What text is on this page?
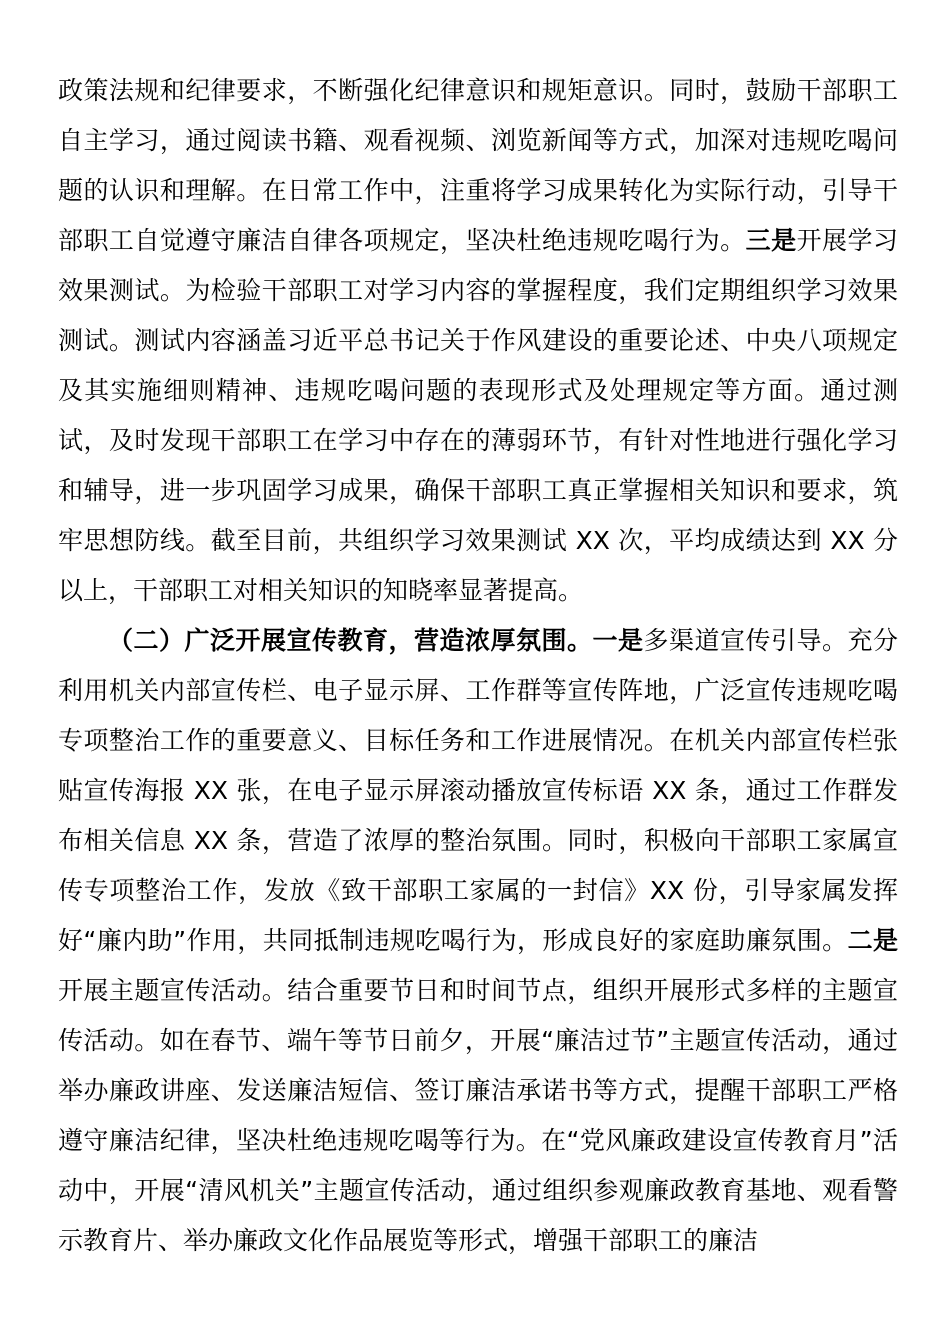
政策法规和纪律要求，不断强化纪律意识和规矩意识。同时，鼓励干部职工自主学习，通过阅读书籍、观看视频、浏览新闻等方式，加深对违规吃喝问题的认识和理解。在日常工作中，注重将学习成果转化为实际行动，引导干部职工自觉遵守廉洁自律各项规定，坚决杜绝违规吃喝行为。三是开展学习效果测试。为检验干部职工对学习内容的掌握程度，我们定期组织学习效果测试。测试内容涵盖习近平总书记关于作风建设的重要论述、中央八项规定及其实施细则精神、违规吃喝问题的表现形式及处理规定等方面。通过测试，及时发现干部职工在学习中存在的薄弱环节，有针对性地进行强化学习和辅导，进一步巩固学习成果，确保干部职工真正掌握相关知识和要求，筑牢思想防线。截至目前，共组织学习效果测试 XX 次，平均成绩达到 XX 分以上，干部职工对相关知识的知晓率显著提高。

（二）广泛开展宣传教育，营造浓厚氛围。一是多渠道宣传引导。充分利用机关内部宣传栏、电子显示屏、工作群等宣传阵地，广泛宣传违规吃喝专项整治工作的重要意义、目标任务和工作进展情况。在机关内部宣传栏张贴宣传海报 XX 张，在电子显示屏滚动播放宣传标语 XX 条，通过工作群发布相关信息 XX 条，营造了浓厚的整治氛围。同时，积极向干部职工家属宣传专项整治工作，发放《致干部职工家属的一封信》XX 份，引导家属发挥好“廉内助”作用，共同抵制违规吃喝行为，形成良好的家庭助廉氛围。二是开展主题宣传活动。结合重要节日和时间节点，组织开展形式多样的主题宣传活动。如在春节、端午等节日前夕，开展“廉洁过节”主题宣传活动，通过举办廉政讲座、发送廉洁短信、签订廉洁承诺书等方式，提醒干部职工严格遵守廉洁纪律，坚决杜绝违规吃喝等行为。在“党风廉政建设宣传教育月”活动中，开展“清风机关”主题宣传活动，通过组织参观廉政教育基地、观看警示教育片、举办廉政文化作品展览等形式，增强干部职工的廉洁
